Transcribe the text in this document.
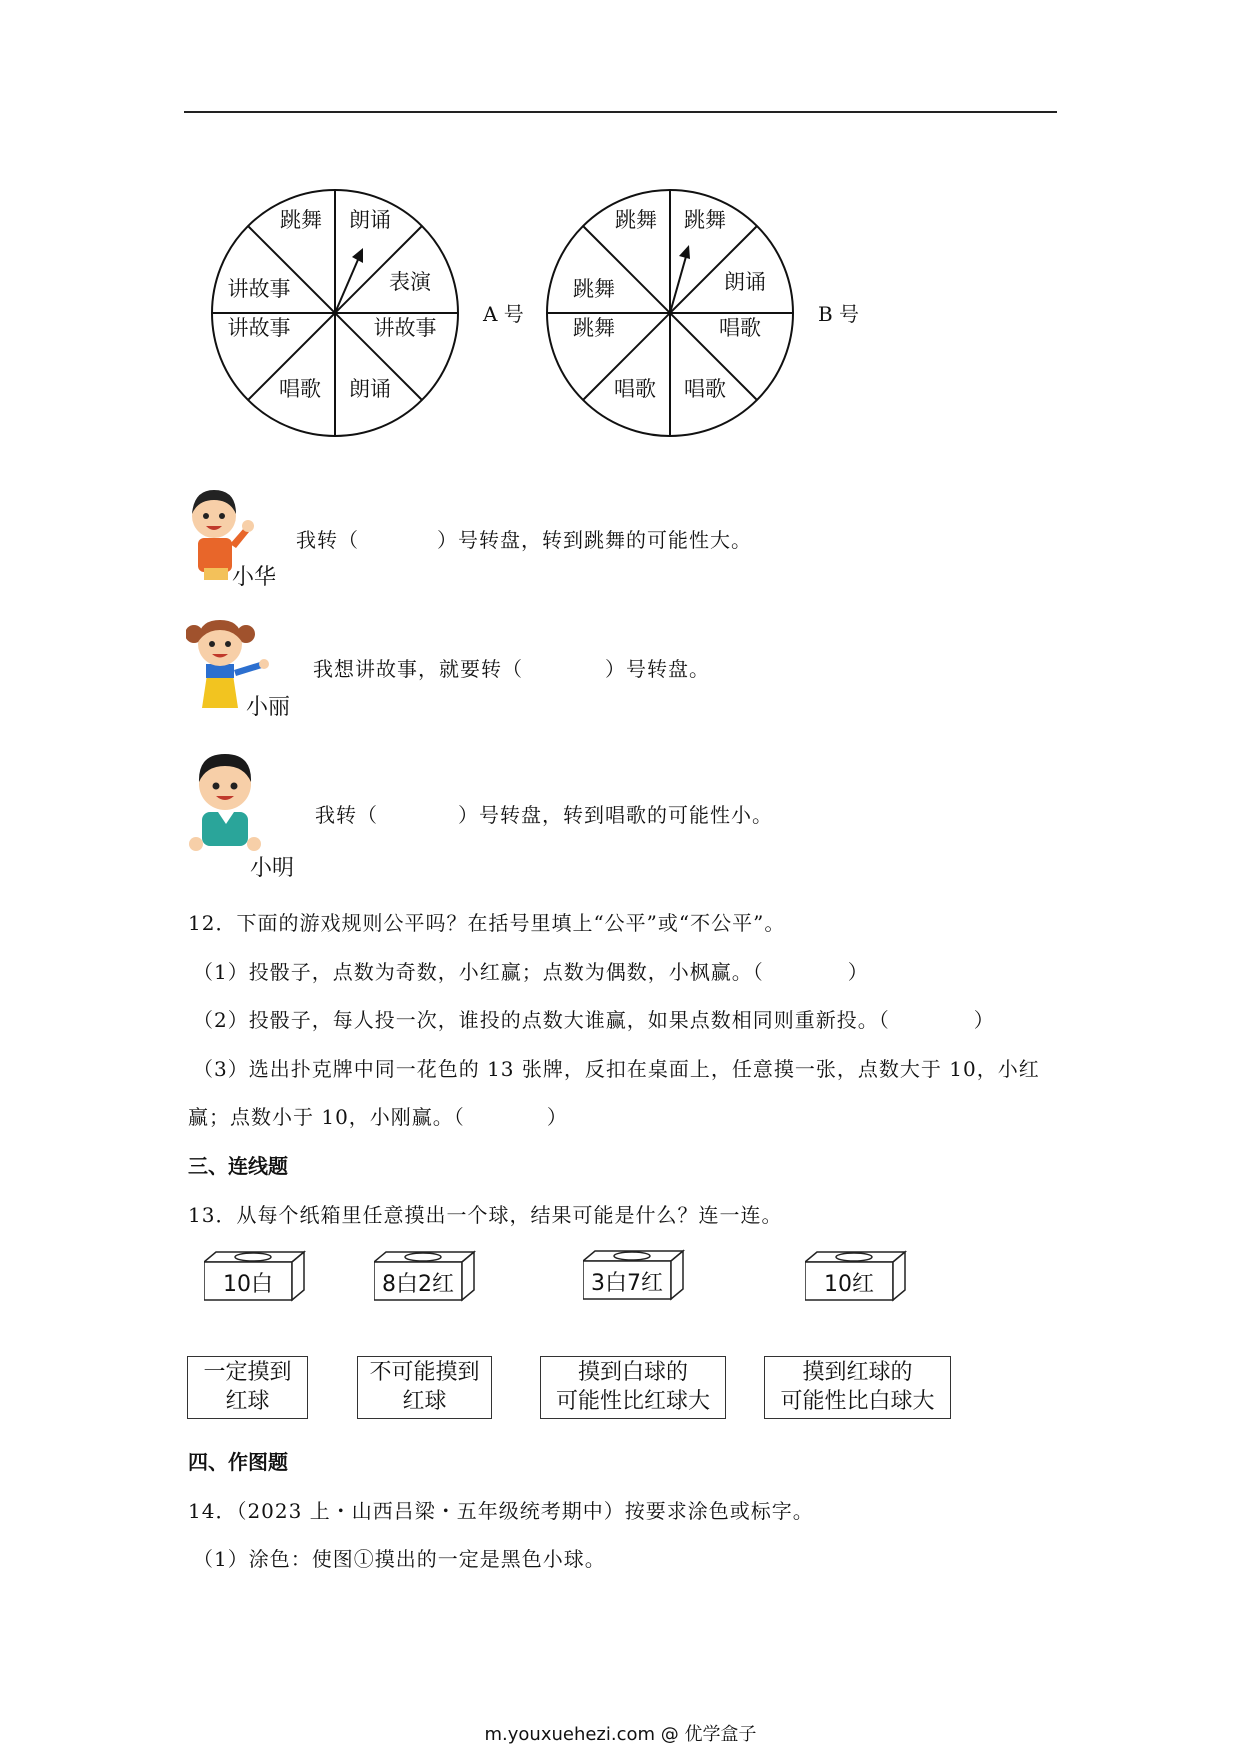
跳舞 朗诵
表演
讲故事
朗诵
唱歌
讲故事
讲故事
A 号
跳舞 跳舞
朗诵
唱歌
唱歌
唱歌
跳舞
跳舞
B 号
小华
我转（	）号转盘，转到跳舞的可能性大。
小丽
我想讲故事，就要转（	）号转盘。
小明
我转（	）号转盘，转到唱歌的可能性小。
12．下面的游戏规则公平吗？在括号里填上“公平”或“不公平”。
（1）投骰子，点数为奇数，小红赢；点数为偶数，小枫赢。（	）
（2）投骰子，每人投一次，谁投的点数大谁赢，如果点数相同则重新投。（	）
（3）选出扑克牌中同一花色的 13 张牌，反扣在桌面上，任意摸一张，点数大于 10，小红
赢；点数小于 10，小刚赢。（	）
三、连线题
13．从每个纸箱里任意摸出一个球，结果可能是什么？连一连。
10白	8白2红	3白7红	10红
一定摸到
红球
不可能摸到
红球
摸到白球的
可能性比红球大
摸到红球的
可能性比白球大
四、作图题
14．（2023 上・山西吕梁・五年级统考期中）按要求涂色或标字。
（1）涂色：使图①摸出的一定是黑色小球。
m.youxuehezi.com @ 优学盒子
